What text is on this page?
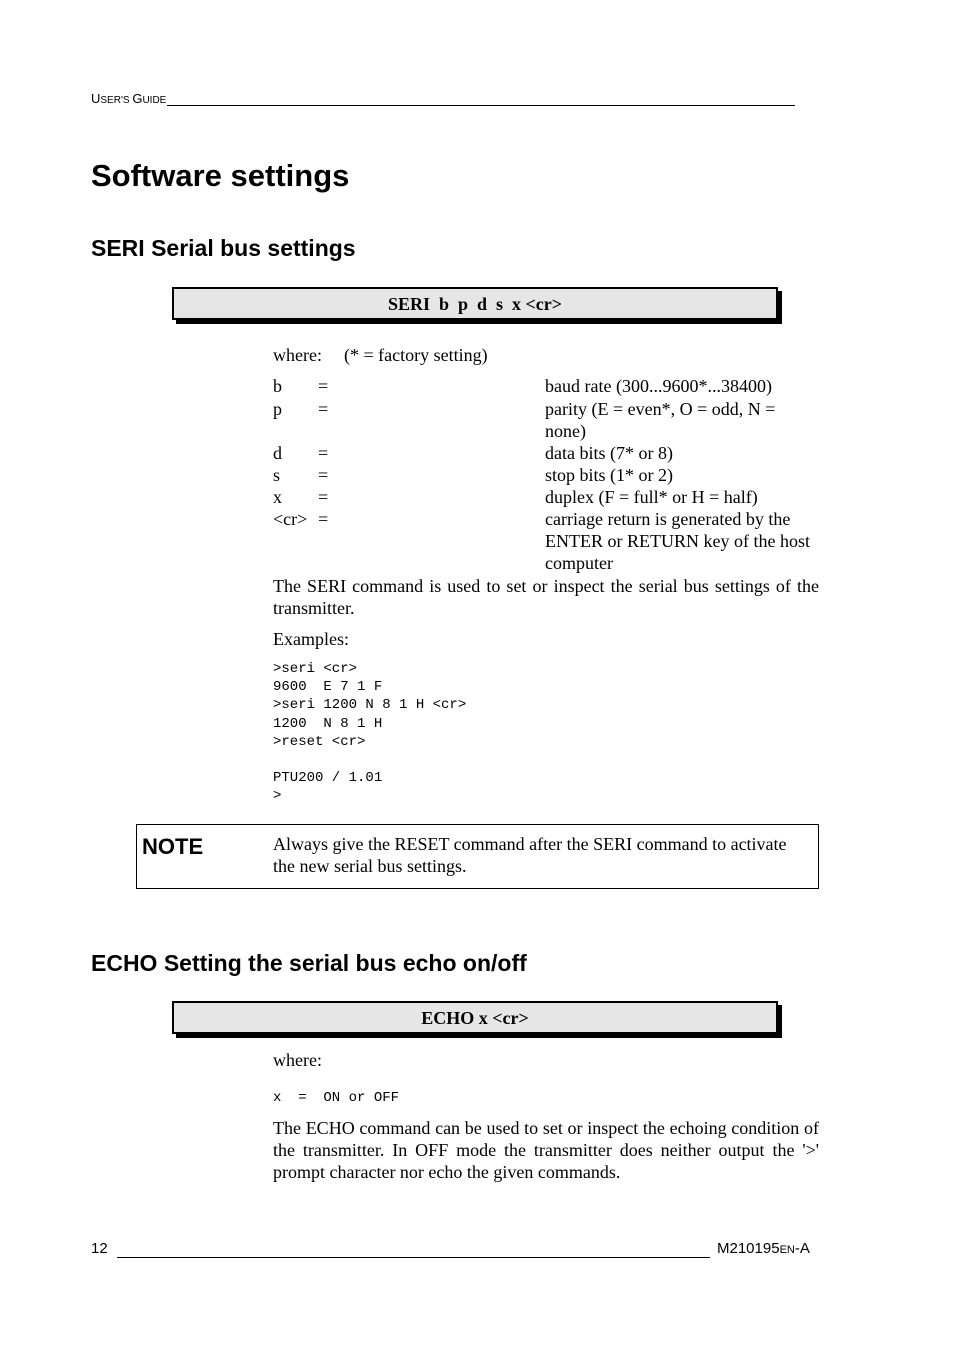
USER'S GUIDE
Software settings
SERI Serial bus settings
SERI  b  p  d  s  x <cr>
where: (* = factory setting)
b =	baud rate (300...9600*...38400)
p =	parity (E = even*, O = odd, N = none)
d =	data bits (7* or 8)
s =	stop bits (1* or 2)
x =	duplex (F = full* or H = half)
<cr> =	carriage return is generated by the ENTER or RETURN key of the host computer
The SERI command is used to set or inspect the serial bus settings of the transmitter.
Examples:
>seri <cr>
9600  E 7 1 F
>seri 1200 N 8 1 H <cr>
1200  N 8 1 H
>reset <cr>
PTU200 / 1.01
>
NOTE	Always give the RESET command after the SERI command to activate the new serial bus settings.
ECHO Setting the serial bus echo on/off
ECHO x <cr>
where:
x  =  ON or OFF
The ECHO command can be used to set or inspect the echoing condition of the transmitter. In OFF mode the transmitter does neither output the '>' prompt character nor echo the given commands.
12	M210195EN-A
